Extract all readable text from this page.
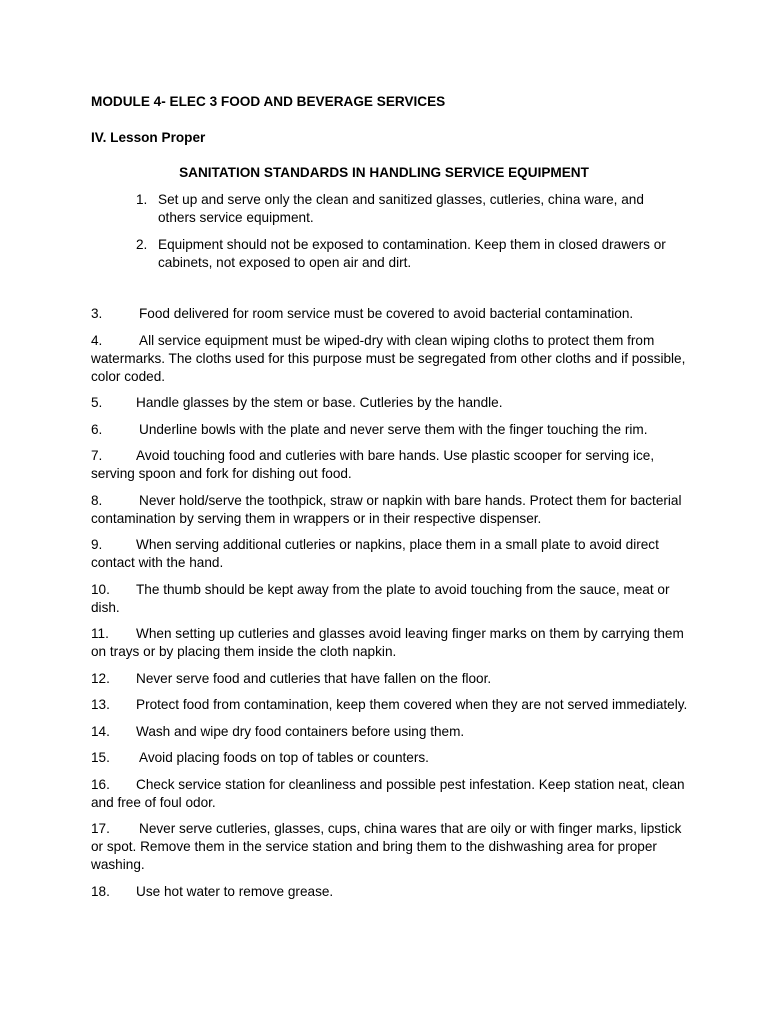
MODULE 4- ELEC 3 FOOD AND BEVERAGE SERVICES
IV. Lesson Proper
SANITATION STANDARDS IN HANDLING SERVICE EQUIPMENT
1. Set up and serve only the clean and sanitized glasses, cutleries, china ware, and others service equipment.
2. Equipment should not be exposed to contamination. Keep them in closed drawers or cabinets, not exposed to open air and dirt.
3.	Food delivered for room service must be covered to avoid bacterial contamination.
4.	All service equipment must be wiped-dry with clean wiping cloths to protect them from watermarks. The cloths used for this purpose must be segregated from other cloths and if possible, color coded.
5. Handle glasses by the stem or base. Cutleries by the handle.
6.	Underline bowls with the plate and never serve them with the finger touching the rim.
7. Avoid touching food and cutleries with bare hands. Use plastic scooper for serving ice, serving spoon and fork for dishing out food.
8.	Never hold/serve the toothpick, straw or napkin with bare hands. Protect them for bacterial contamination by serving them in wrappers or in their respective dispenser.
9. When serving additional cutleries or napkins, place them in a small plate to avoid direct contact with the hand.
10. The thumb should be kept away from the plate to avoid touching from the sauce, meat or dish.
11. When setting up cutleries and glasses avoid leaving finger marks on them by carrying them on trays or by placing them inside the cloth napkin.
12. Never serve food and cutleries that have fallen on the floor.
13. Protect food from contamination, keep them covered when they are not served immediately.
14. Wash and wipe dry food containers before using them.
15. Avoid placing foods on top of tables or counters.
16. Check service station for cleanliness and possible pest infestation. Keep station neat, clean and free of foul odor.
17. Never serve cutleries, glasses, cups, china wares that are oily or with finger marks, lipstick or spot. Remove them in the service station and bring them to the dishwashing area for proper washing.
18. Use hot water to remove grease.
